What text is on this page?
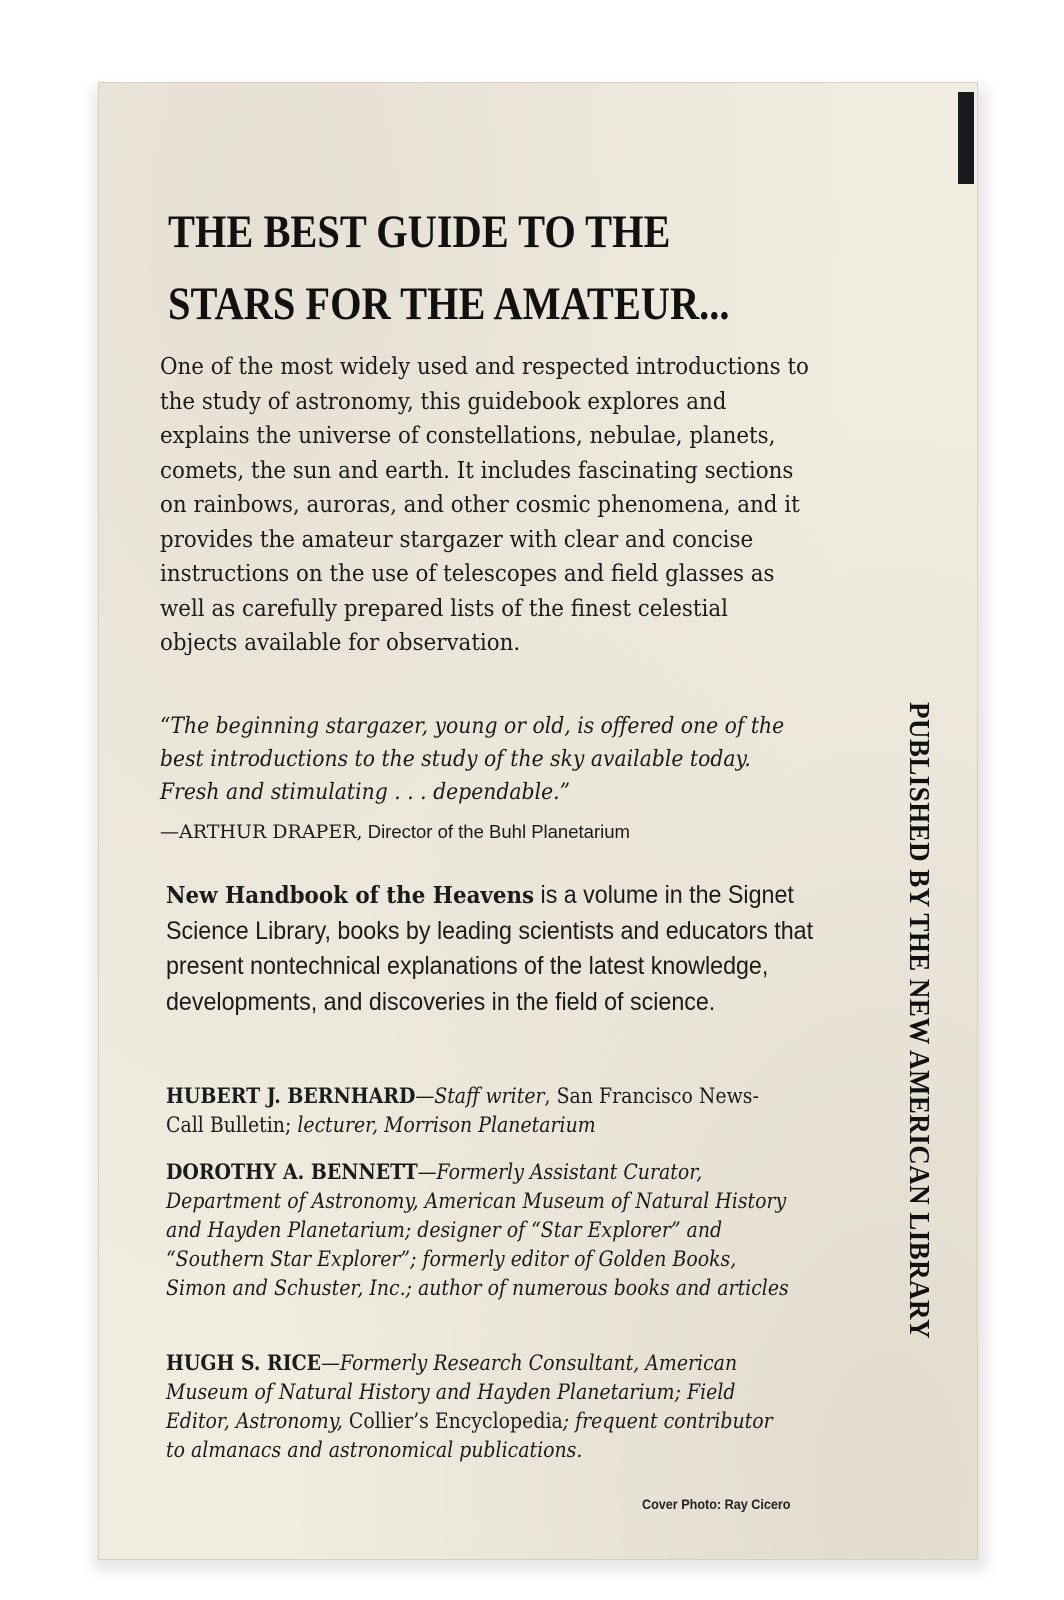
THE BEST GUIDE TO THE
STARS FOR THE AMATEUR...

One of the most widely used and respected introductions to the study of astronomy, this guidebook explores and explains the universe of constellations, nebulae, planets, comets, the sun and earth. It includes fascinating sections on rainbows, auroras, and other cosmic phenomena, and it provides the amateur stargazer with clear and concise instructions on the use of telescopes and field glasses as well as carefully prepared lists of the finest celestial objects available for observation.

“The beginning stargazer, young or old, is offered one of the best introductions to the study of the sky available today. Fresh and stimulating . . . dependable.”

—ARTHUR DRAPER, Director of the Buhl Planetarium

New Handbook of the Heavens is a volume in the Signet Science Library, books by leading scientists and educators that present nontechnical explanations of the latest knowledge, developments, and discoveries in the field of science.

HUBERT J. BERNHARD—Staff writer, San Francisco News-Call Bulletin; lecturer, Morrison Planetarium

DOROTHY A. BENNETT—Formerly Assistant Curator, Department of Astronomy, American Museum of Natural History and Hayden Planetarium; designer of “Star Explorer” and “Southern Star Explorer”; formerly editor of Golden Books, Simon and Schuster, Inc.; author of numerous books and articles

HUGH S. RICE—Formerly Research Consultant, American Museum of Natural History and Hayden Planetarium; Field Editor, Astronomy, Collier’s Encyclopedia; frequent contributor to almanacs and astronomical publications.

Cover Photo: Ray Cicero

PUBLISHED BY THE NEW AMERICAN LIBRARY
